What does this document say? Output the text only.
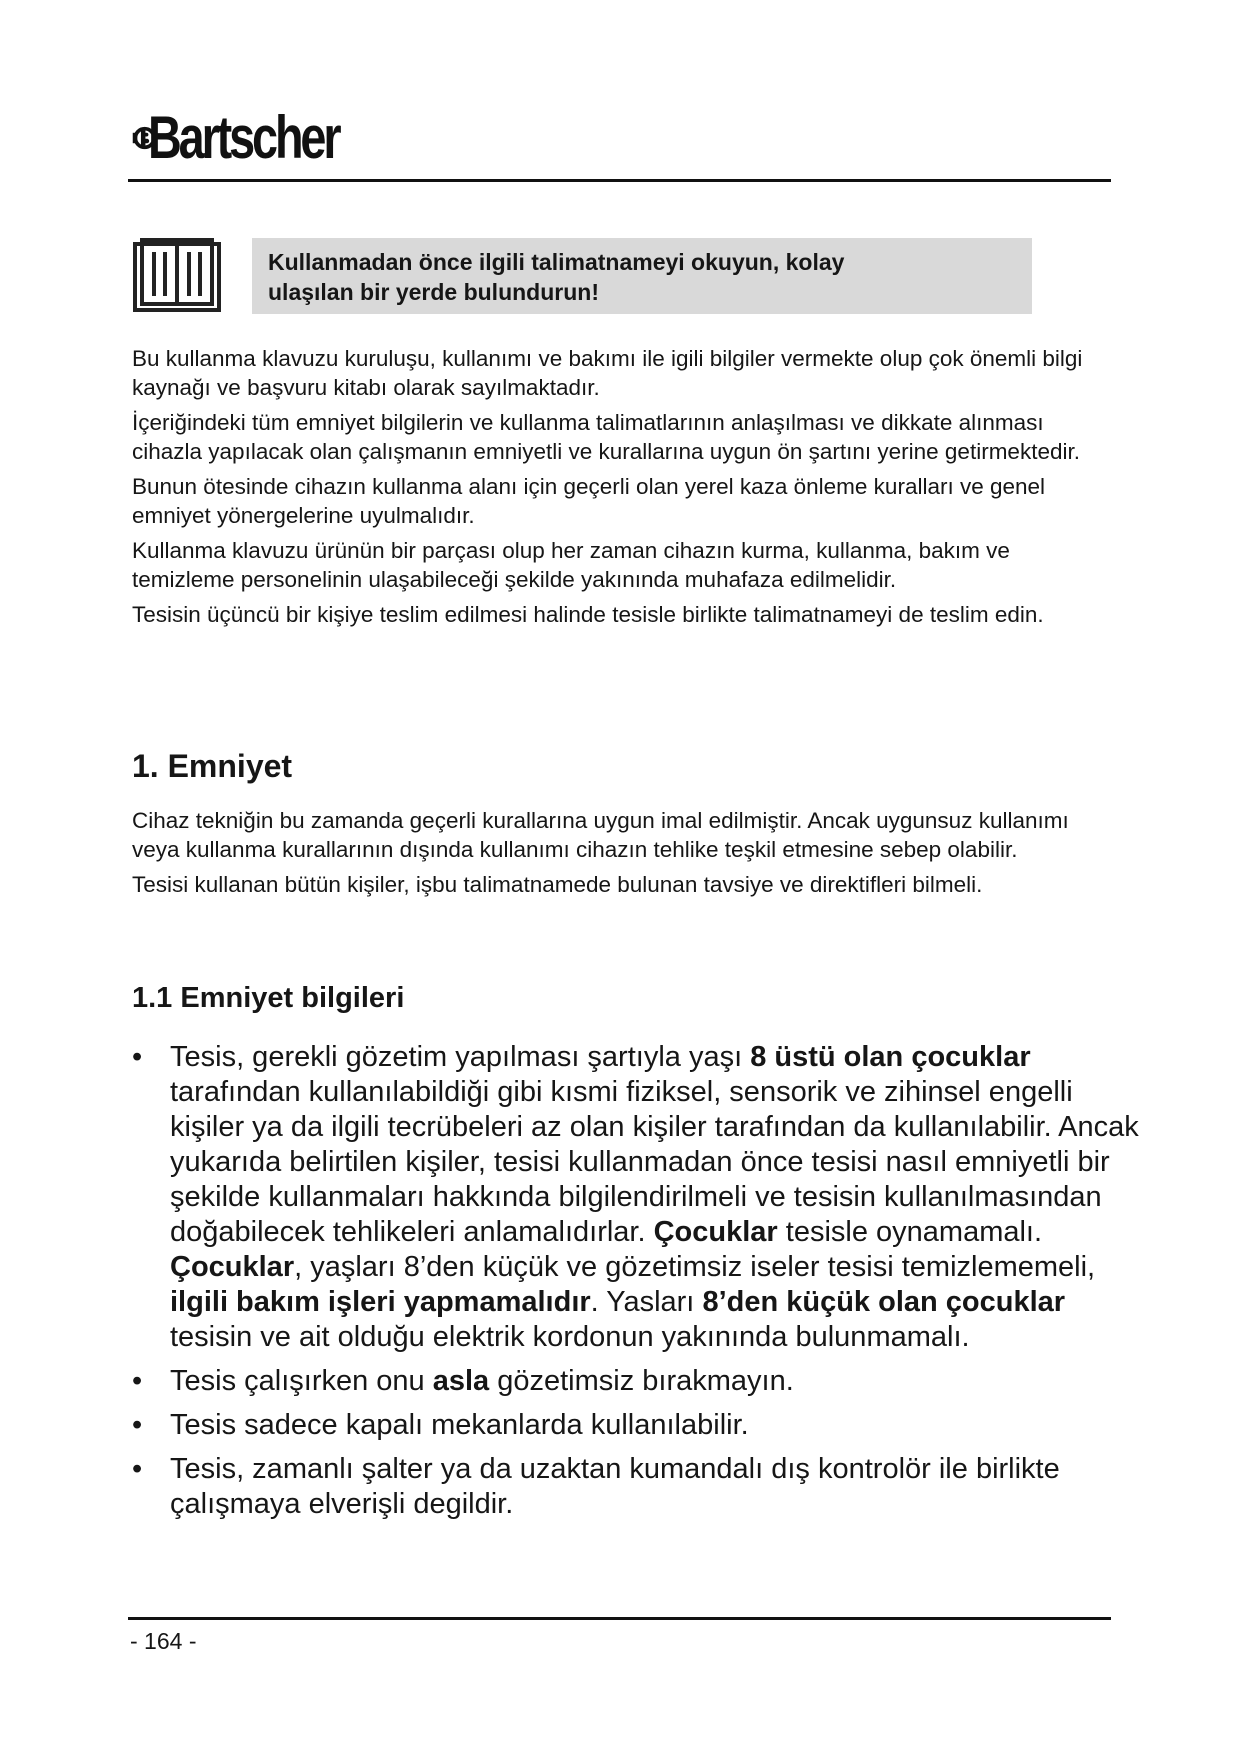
Bartscher
Kullanmadan önce ilgili talimatnameyi okuyun, kolay
ulaşılan bir yerde bulundurun!

Bu kullanma klavuzu kuruluşu, kullanımı ve bakımı ile igili bilgiler vermekte olup çok önemli bilgi kaynağı ve başvuru kitabı olarak sayılmaktadır.

İçeriğindeki tüm emniyet bilgilerin ve kullanma talimatlarının anlaşılması ve dikkate alınması cihazla yapılacak olan çalışmanın emniyetli ve kurallarına uygun ön şartını yerine getirmektedir.

Bunun ötesinde cihazın kullanma alanı için geçerli olan yerel kaza önleme kuralları ve genel emniyet yönergelerine uyulmalıdır.

Kullanma klavuzu ürünün bir parçası olup her zaman cihazın kurma, kullanma, bakım ve temizleme personelinin ulaşabileceği şekilde yakınında muhafaza edilmelidir.

Tesisin üçüncü bir kişiye teslim edilmesi halinde tesisle birlikte talimatnameyi de teslim edin.

1. Emniyet

Cihaz tekniğin bu zamanda geçerli kurallarına uygun imal edilmiştir. Ancak uygunsuz kullanımı veya kullanma kurallarının dışında kullanımı cihazın tehlike teşkil etmesine sebep olabilir.

Tesisi kullanan bütün kişiler, işbu talimatnamede bulunan tavsiye ve direktifleri bilmeli.

1.1 Emniyet bilgileri
• Tesis, gerekli gözetim yapılması şartıyla yaşı 8 üstü olan çocuklar tarafından kullanılabildiği gibi kısmi fiziksel, sensorik ve zihinsel engelli kişiler ya da ilgili tecrübeleri az olan kişiler tarafından da kullanılabilir. Ancak yukarıda belirtilen kişiler, tesisi kullanmadan önce tesisi nasıl emniyetli bir şekilde kullanmaları hakkında bilgilendirilmeli ve tesisin kullanılmasından doğabilecek tehlikeleri anlamalıdırlar. Çocuklar tesisle oynamamalı. Çocuklar, yaşları 8’den küçük ve gözetimsiz iseler tesisi temizlememeli, ilgili bakım işleri yapmamalıdır. Yasları 8’den küçük olan çocuklar tesisin ve ait olduğu elektrik kordonun yakınında bulunmamalı.
• Tesis çalışırken onu asla gözetimsiz bırakmayın.
• Tesis sadece kapalı mekanlarda kullanılabilir.
• Tesis, zamanlı şalter ya da uzaktan kumandalı dış kontrolör ile birlikte çalışmaya elverişli degildir.
- 164 -
